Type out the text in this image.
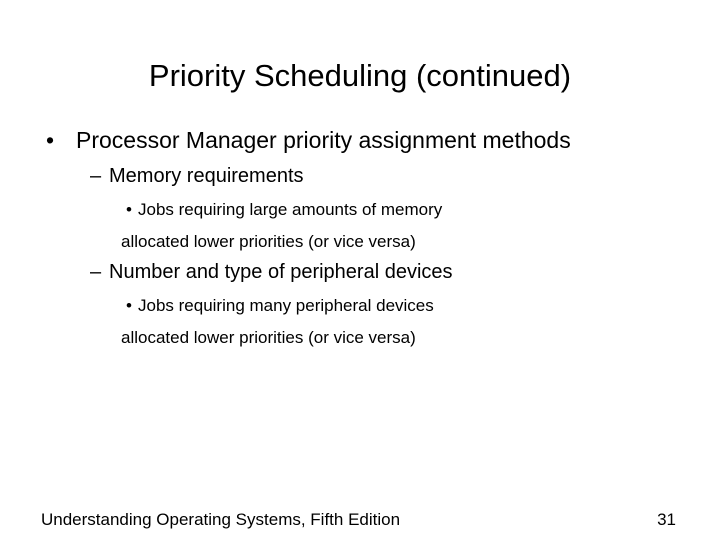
Priority Scheduling (continued)
• Processor Manager priority assignment methods
– Memory requirements
• Jobs requiring large amounts of memory
allocated lower priorities (or vice versa)
– Number and type of peripheral devices
• Jobs requiring many peripheral devices
allocated lower priorities (or vice versa)
Understanding Operating Systems, Fifth Edition	31
